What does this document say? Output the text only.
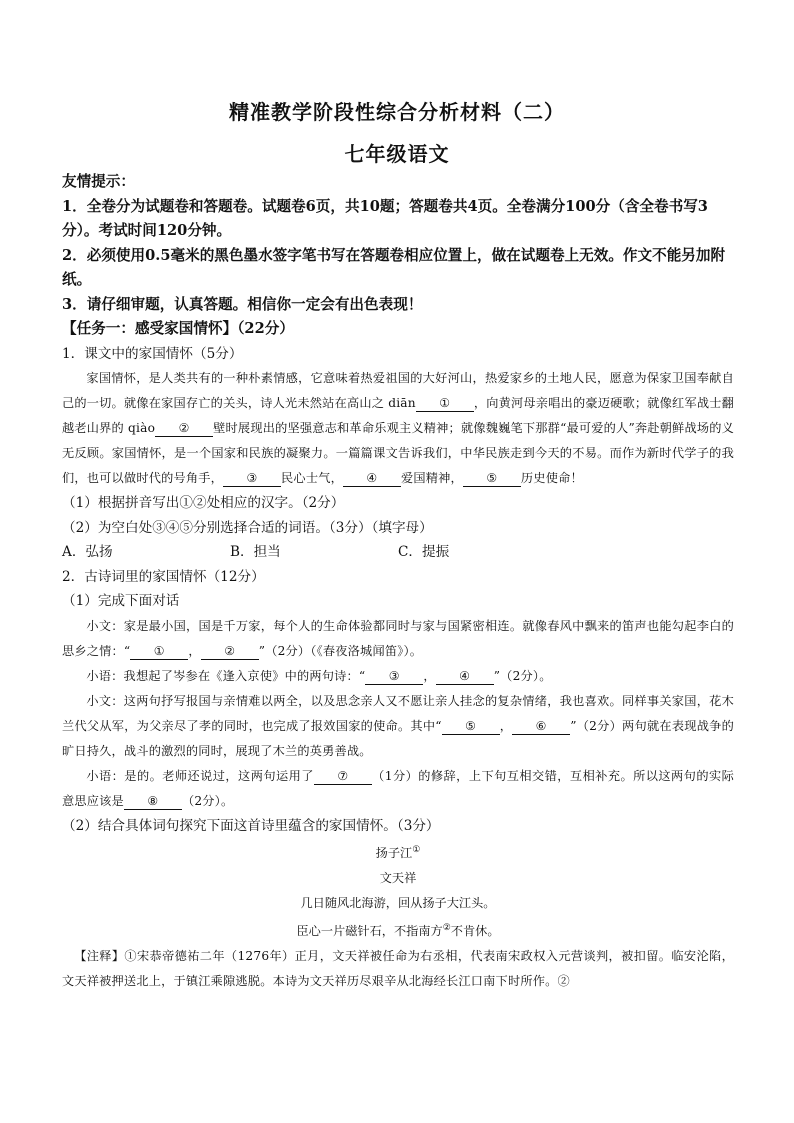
精准教学阶段性综合分析材料（二）
七年级语文
友情提示：
1．全卷分为试题卷和答题卷。试题卷6页，共10题；答题卷共4页。全卷满分100分（含全卷书写3分）。考试时间120分钟。
2．必须使用0.5毫米的黑色墨水签字笔书写在答题卷相应位置上，做在试题卷上无效。作文不能另加附纸。
3．请仔细审题，认真答题。相信你一定会有出色表现！
【任务一：感受家国情怀】（22分）
1．课文中的家国情怀（5分）
家国情怀，是人类共有的一种朴素情感，它意味着热爱祖国的大好河山，热爱家乡的土地人民，愿意为保家卫国奉献自己的一切。就像在家国存亡的关头，诗人光未然站在高山之 diān ① ，向黄河母亲唱出的豪迈硬歌；就像红军战士翻越老山界的 qiào ② 壁时展现出的坚强意志和革命乐观主义精神；就像魏巍笔下那群“最可爱的人”奔赴朝鲜战场的义无反顾。家国情怀，是一个国家和民族的凝聚力。一篇篇课文告诉我们，中华民族走到今天的不易。而作为新时代学子的我们，也可以做时代的号角手， ③ 民心士气， ④ 爱国精神， ⑤ 历史使命！
（1）根据拼音写出①②处相应的汉字。（2分）
（2）为空白处③④⑤分别选择合适的词语。（3分）（填字母）
A．弘扬	B．担当	C．提振
2．古诗词里的家国情怀（12分）
（1）完成下面对话
小文：家是最小国，国是千万家，每个人的生命体验都同时与家与国紧密相连。就像春风中飘来的笛声也能勾起李白的思乡之情：“ ① ， ② ”（2分）（《春夜洛城闻笛》）。
小语：我想起了岑参在《逢入京使》中的两句诗：“ ③ ， ④ ”（2分）。
小文：这两句抒写报国与亲情难以两全，以及思念亲人又不愿让亲人挂念的复杂情绪，我也喜欢。同样事关家国，花木兰代父从军，为父亲尽了孝的同时，也完成了报效国家的使命。其中“ ⑤ ， ⑥ ”（2分）两句就在表现战争的旷日持久，战斗的激烈的同时，展现了木兰的英勇善战。
小语：是的。老师还说过，这两句运用了 ⑦ （1分）的修辞，上下句互相交错，互相补充。所以这两句的实际意思应该是 ⑧ （2分）。
（2）结合具体词句探究下面这首诗里蕴含的家国情怀。（3分）
扬子江①
文天祥
几日随风北海游，回从扬子大江头。
臣心一片磁针石，不指南方②不肯休。
【注释】①宋恭帝德祐二年（1276年）正月，文天祥被任命为右丞相，代表南宋政权入元营谈判，被扣留。临安沦陷，文天祥被押送北上，于镇江乘隙逃脱。本诗为文天祥历尽艰辛从北海经长江口南下时所作。②
